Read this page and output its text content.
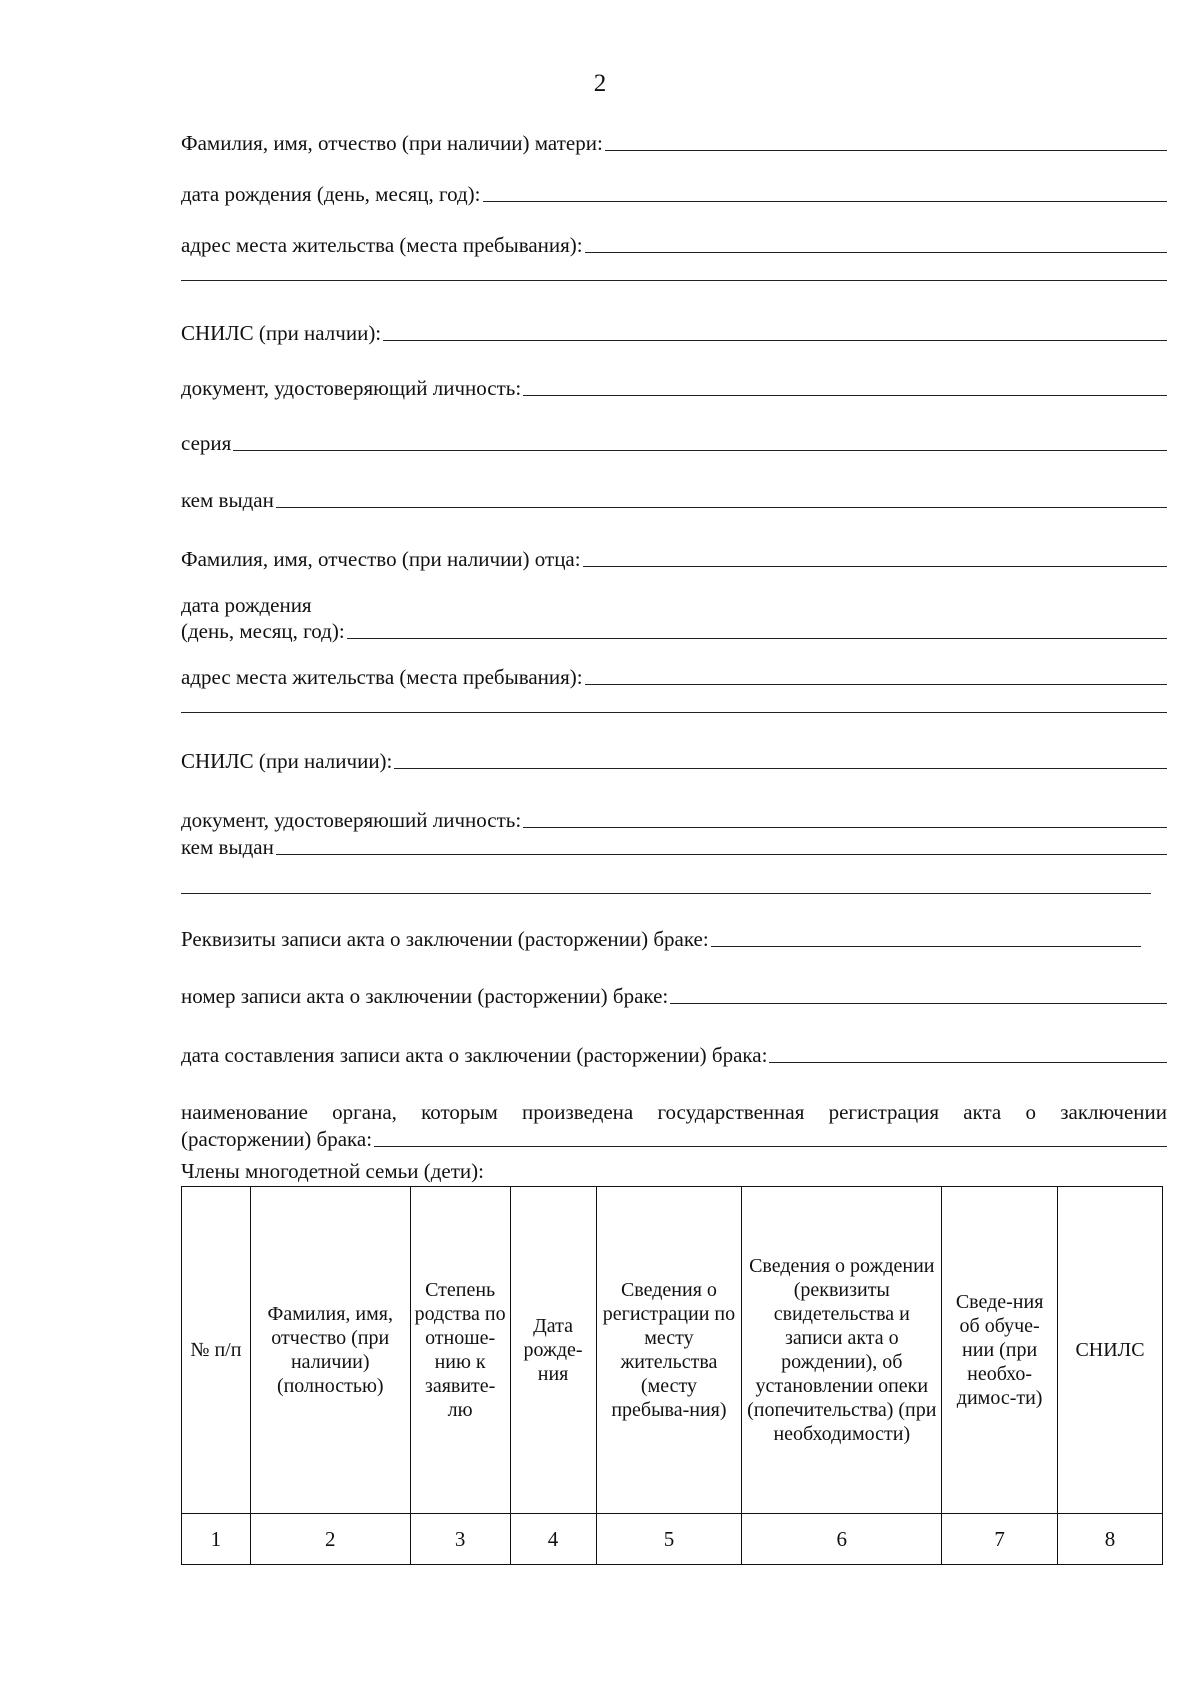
2
Фамилия, имя, отчество (при наличии) матери:
дата рождения (день, месяц, год):
адрес места жительства (места пребывания):
СНИЛС (при налчии):
документ, удостоверяющий личность:
серия
кем выдан
Фамилия, имя, отчество (при наличии) отца:
дата рождения
(день, месяц, год):
адрес места жительства (места пребывания):
СНИЛС (при наличии):
документ, удостоверяюший личность:
кем выдан
Реквизиты записи акта о заключении (расторжении) браке:
номер записи акта о заключении (расторжении) браке:
дата составления записи акта о заключении (расторжении) брака:
наименование органа, которым произведена государственная регистрация акта о заключении
(расторжении) брака:
Члены многодетной семьи (дети):
№ п/п	Фамилия, имя, отчество (при наличии) (полностью)	Степень родства по отноше-нию к заявите-лю	Дата рожде-ния	Сведения о регистрации по месту жительства (месту пребыва-ния)	Сведения о рождении (реквизиты свидетельства и записи акта о рождении), об установлении опеки (попечительства) (при необходимости)	Сведе-ния об обуче-нии (при необхо-димос-ти)	СНИЛС
1	2	3	4	5	6	7	8
